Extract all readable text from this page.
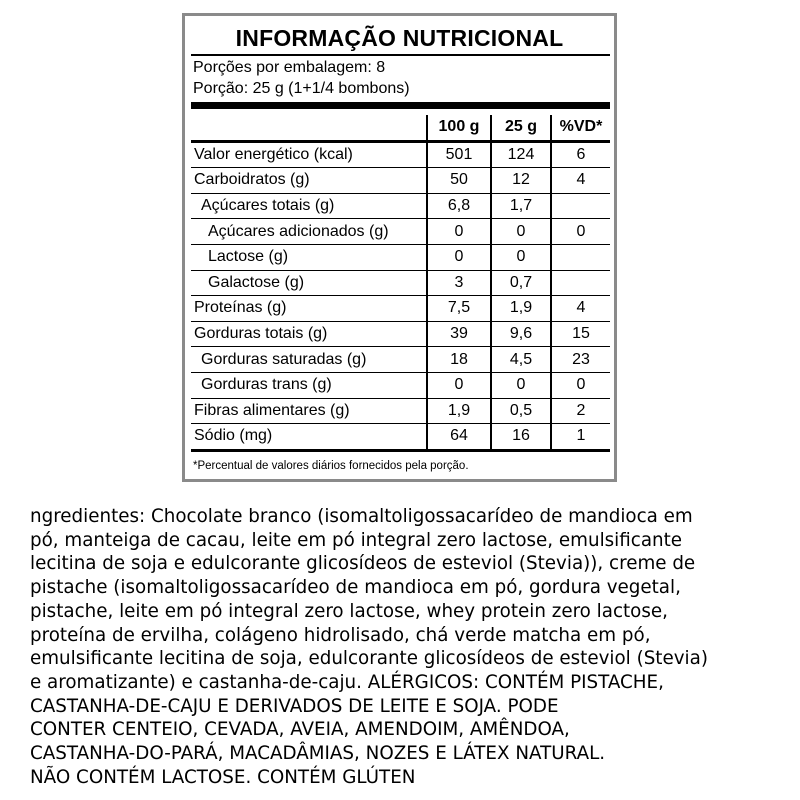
INFORMAÇÃO NUTRICIONAL
Porções por embalagem: 8
Porção: 25 g (1+1/4 bombons)
	100 g	25 g	%VD*
Valor energético (kcal)	501	124	6
Carboidratos (g)	50	12	4
Açúcares totais (g)	6,8	1,7	
Açúcares adicionados (g)	0	0	0
Lactose (g)	0	0	
Galactose (g)	3	0,7	
Proteínas (g)	7,5	1,9	4
Gorduras totais (g)	39	9,6	15
Gorduras saturadas (g)	18	4,5	23
Gorduras trans (g)	0	0	0
Fibras alimentares (g)	1,9	0,5	2
Sódio (mg)	64	16	1
*Percentual de valores diários fornecidos pela porção.
ngredientes: Chocolate branco (isomaltoligossacarídeo de mandioca em
pó, manteiga de cacau, leite em pó integral zero lactose, emulsificante
lecitina de soja e edulcorante glicosídeos de esteviol (Stevia)), creme de
pistache (isomaltoligossacarídeo de mandioca em pó, gordura vegetal,
pistache, leite em pó integral zero lactose, whey protein zero lactose,
proteína de ervilha, colágeno hidrolisado, chá verde matcha em pó,
emulsificante lecitina de soja, edulcorante glicosídeos de esteviol (Stevia)
e aromatizante) e castanha-de-caju. ALÉRGICOS: CONTÉM PISTACHE,
CASTANHA-DE-CAJU E DERIVADOS DE LEITE E SOJA. PODE
CONTER CENTEIO, CEVADA, AVEIA, AMENDOIM, AMÊNDOA,
CASTANHA-DO-PARÁ, MACADÂMIAS, NOZES E LÁTEX NATURAL.
NÃO CONTÉM LACTOSE. CONTÉM GLÚTEN
